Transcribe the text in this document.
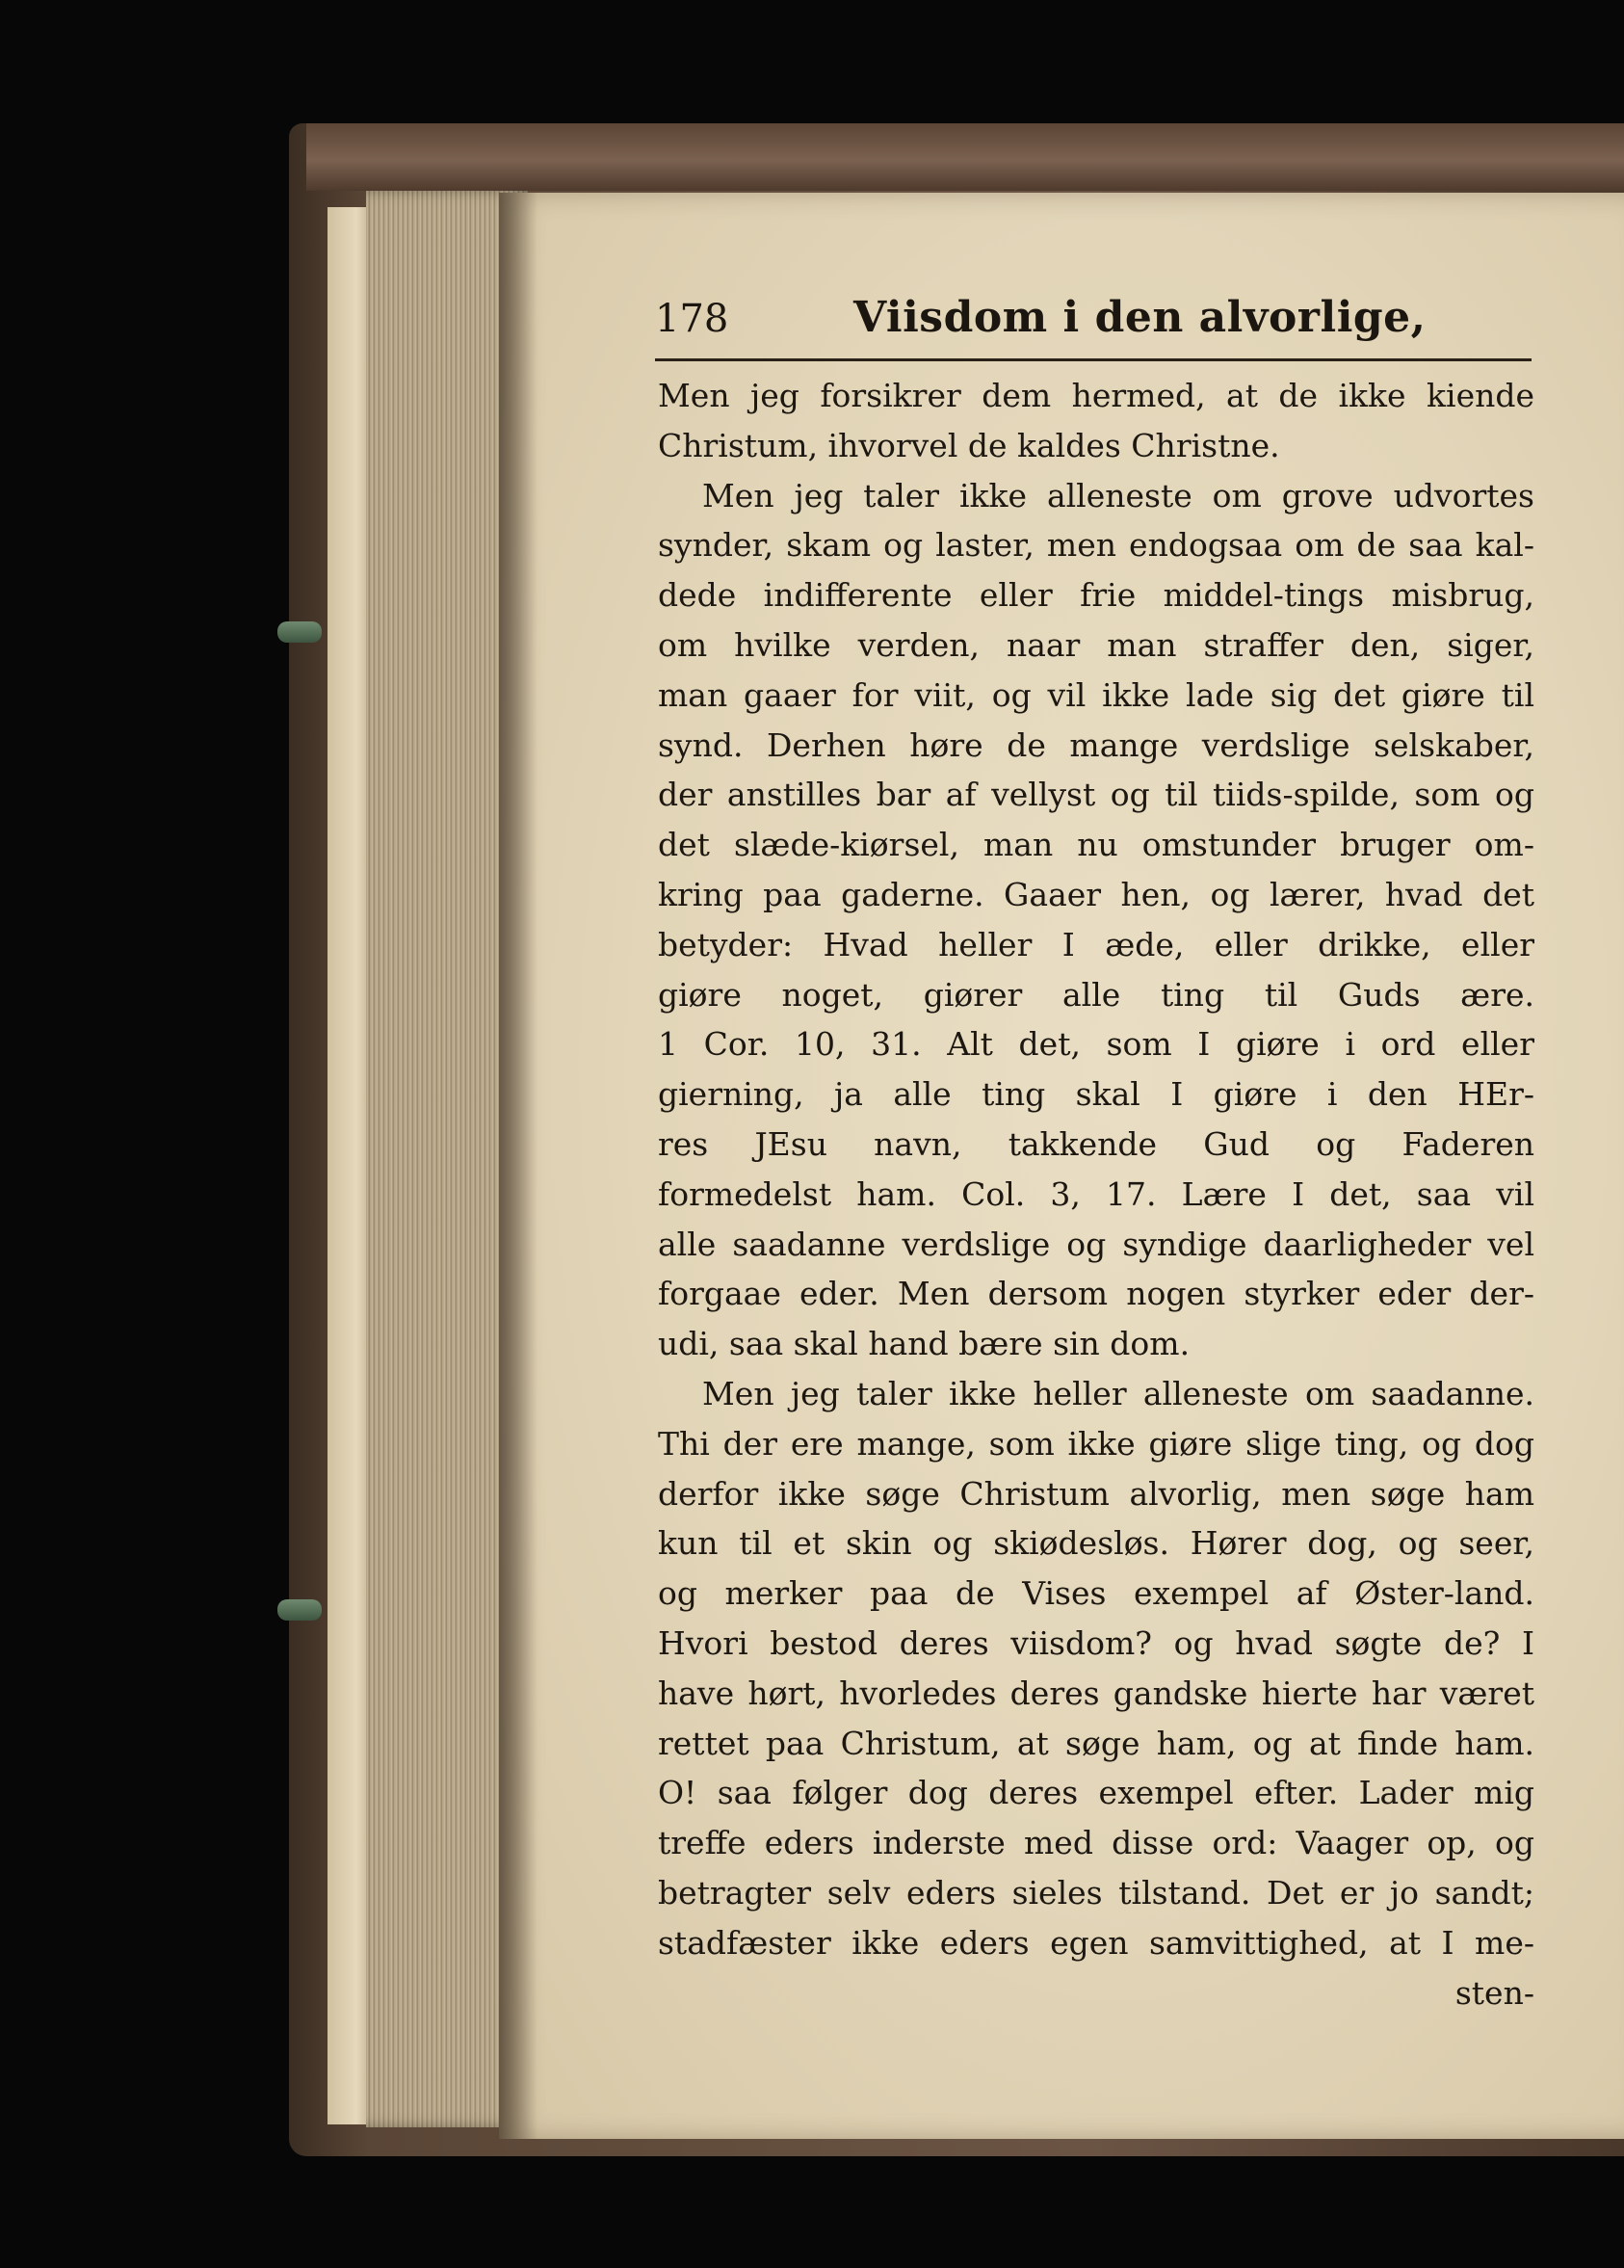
178	Viisdom i den alvorlige,
Men jeg forsikrer dem hermed, at de ikke kiende
Christum, ihvorvel de kaldes Christne.
Men jeg taler ikke alleneste om grove udvortes
synder, skam og laster, men endogsaa om de saa kal-
dede indifferente eller frie middel-tings misbrug,
om hvilke verden, naar man straffer den, siger,
man gaaer for viit, og vil ikke lade sig det giøre til
synd. Derhen høre de mange verdslige selskaber,
der anstilles bar af vellyst og til tiids-spilde, som og
det slæde-kiørsel, man nu omstunder bruger om-
kring paa gaderne. Gaaer hen, og lærer, hvad det
betyder: Hvad heller I æde, eller drikke, eller
giøre noget, giører alle ting til Guds ære.
1 Cor. 10, 31. Alt det, som I giøre i ord eller
gierning, ja alle ting skal I giøre i den HEr-
res JEsu navn, takkende Gud og Faderen
formedelst ham. Col. 3, 17. Lære I det, saa vil
alle saadanne verdslige og syndige daarligheder vel
forgaae eder. Men dersom nogen styrker eder der-
udi, saa skal hand bære sin dom.
Men jeg taler ikke heller alleneste om saadanne.
Thi der ere mange, som ikke giøre slige ting, og dog
derfor ikke søge Christum alvorlig, men søge ham
kun til et skin og skiødesløs. Hører dog, og seer,
og merker paa de Vises exempel af Øster-land.
Hvori bestod deres viisdom? og hvad søgte de? I
have hørt, hvorledes deres gandske hierte har været
rettet paa Christum, at søge ham, og at finde ham.
O! saa følger dog deres exempel efter. Lader mig
treffe eders inderste med disse ord: Vaager op, og
betragter selv eders sieles tilstand. Det er jo sandt;
stadfæster ikke eders egen samvittighed, at I me-
sten-
